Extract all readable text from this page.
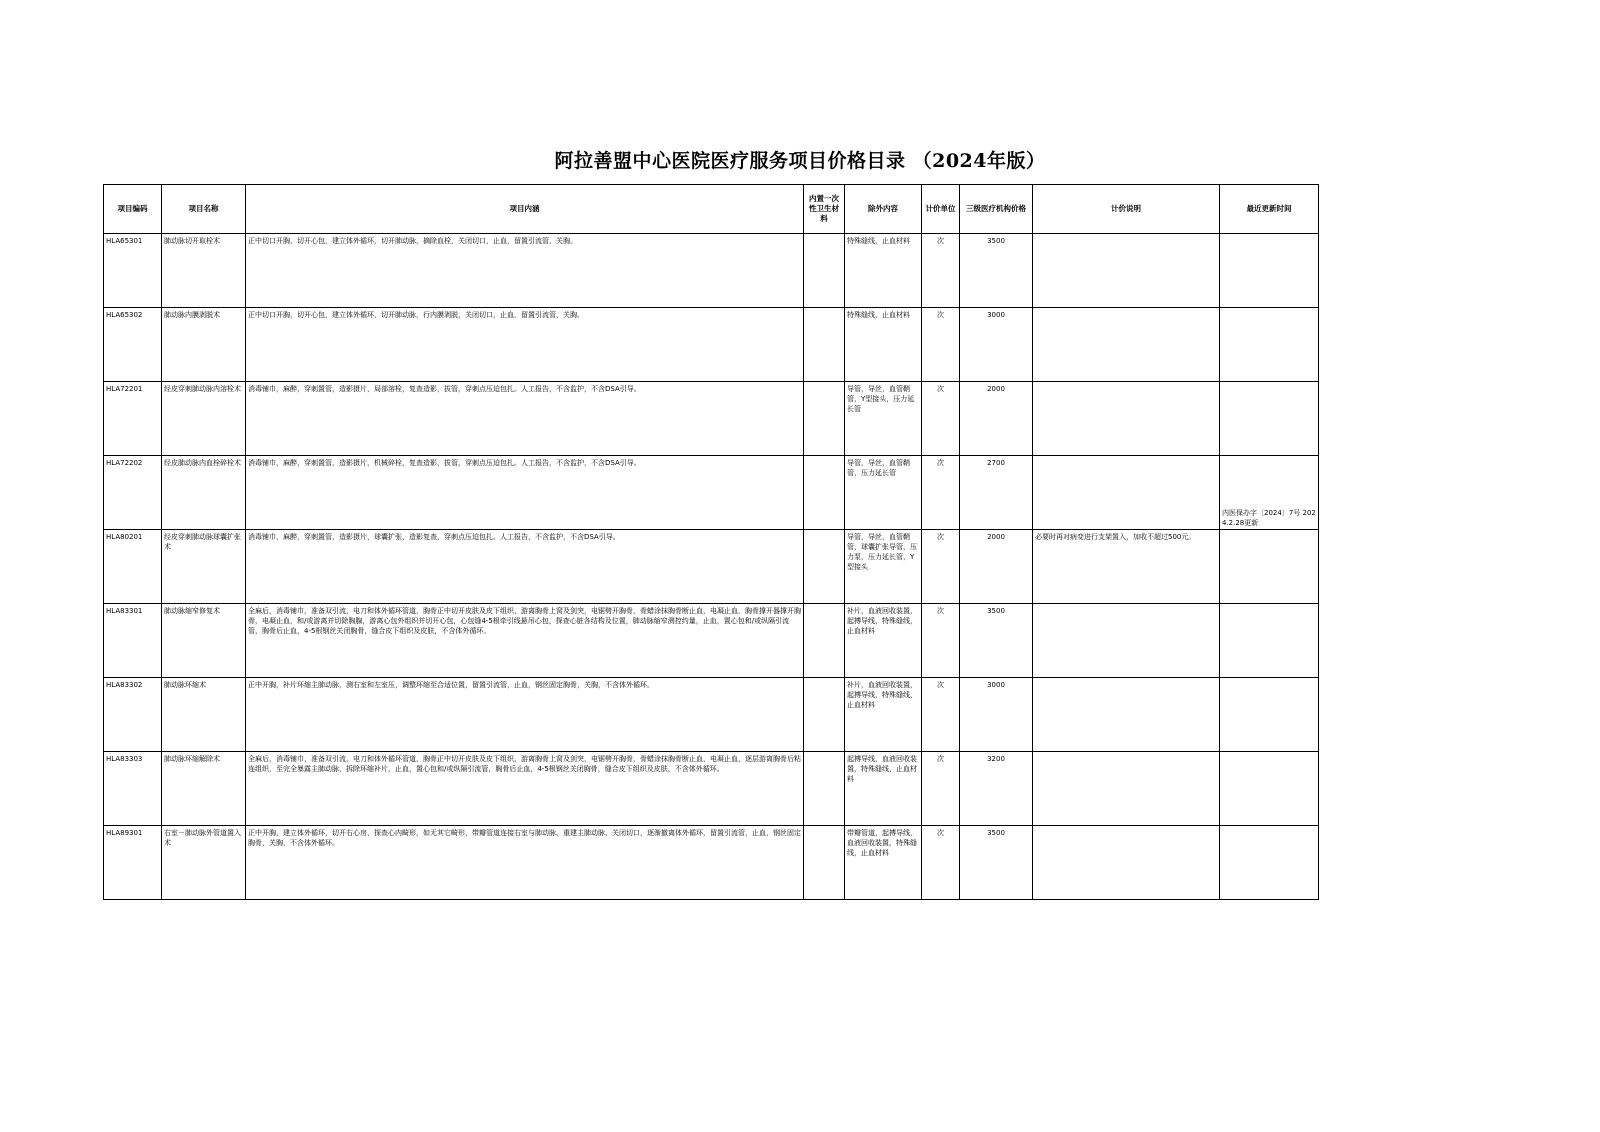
阿拉善盟中心医院医疗服务项目价格目录 （2024年版）
项目编码	项目名称	项目内涵	内置一次性卫生材料	除外内容	计价单位	三级医疗机构价格	计价说明	最近更新时间
HLA65301	肺动脉切开取栓术	正中切口开胸，切开心包，建立体外循环，切开肺动脉，摘除血栓，关闭切口，止血，留置引流管，关胸。		特殊缝线，止血材料	次	3500		

HLA65302	肺动脉内膜剥脱术	正中切口开胸，切开心包，建立体外循环，切开肺动脉，行内膜剥脱，关闭切口，止血，留置引流管，关胸。		特殊缝线，止血材料	次	3000		

HLA72201	经皮穿刺肺动脉内溶栓术	消毒铺巾，麻醉，穿刺置管，造影摄片，局部溶栓，复查造影，拔管，穿刺点压迫包扎。人工报告，不含监护，不含DSA引导。		导管，导丝，血管鞘管，Y型接头，压力延长管	次	2000		

HLA72202	经皮肺动脉内血栓碎栓术	消毒铺巾，麻醉，穿刺置管，造影摄片，机械碎栓，复查造影，拔管，穿刺点压迫包扎。人工报告，不含监护，不含DSA引导。		导管，导丝，血管鞘管，压力延长管	次	2700		内医保办字〔2024〕7号 2024.2.28更新

HLA80201	经皮穿刺肺动脉球囊扩张术	消毒铺巾，麻醉，穿刺置管，造影摄片，球囊扩张，造影复查，穿刺点压迫包扎。人工报告，不含监护，不含DSA引导。		导管，导丝，血管鞘管，球囊扩张导管，压力泵，压力延长管，Y型接头	次	2000	必要时再对病变进行支架置入，加收不超过500元。	

HLA83301	肺动脉缩窄修复术	全麻后，消毒铺巾，准备双引流，电刀和体外循环管道，胸骨正中切开皮肤及皮下组织，游离胸骨上窝及剑突，电锯劈开胸骨，骨蜡涂抹胸骨断止血，电凝止血，胸骨撑开器撑开胸骨，电凝止血，和/或游离并切除胸腺，游离心包外组织并切开心包，心包缝4-5根牵引线悬吊心包，探查心脏各结构及位置，肺动脉缩窄测控约量，止血，置心包和/或纵隔引流管，胸骨后止血，4-5根钢丝关闭胸骨，缝合皮下组织及皮肤，不含体外循环。		补片，血液回收装置，起搏导线，特殊缝线，止血材料	次	3500		

HLA83302	肺动脉环缩术	正中开胸，补片环缩主肺动脉，测右室和左室压，调整环缩至合适位置，留置引流管，止血，钢丝固定胸骨，关胸，不含体外循环。		补片，血液回收装置，起搏导线，特殊缝线，止血材料	次	3000		

HLA83303	肺动脉环缩解除术	全麻后，消毒铺巾，准备双引流，电刀和体外循环管道，胸骨正中切开皮肤及皮下组织，游离胸骨上窝及剑突，电锯劈开胸骨，骨蜡涂抹胸骨断止血，电凝止血，逐层游离胸骨后粘连组织，至完全暴露主肺动脉，拆除环缩补片，止血，置心包和/或纵隔引流管，胸骨后止血，4-5根钢丝关闭胸骨，缝合皮下组织及皮肤，不含体外循环。		起搏导线，血液回收装置，特殊缝线，止血材料	次	3200		

HLA89301	右室－肺动脉外管道置入术	正中开胸，建立体外循环，切开右心房，探查心内畸形，如无其它畸形，带瓣管道连接右室与肺动脉，重建主肺动脉，关闭切口，逐渐撤离体外循环，留置引流管，止血，钢丝固定胸骨，关胸，不含体外循环。		带瓣管道，起搏导线，血液回收装置，特殊缝线，止血材料	次	3500		
